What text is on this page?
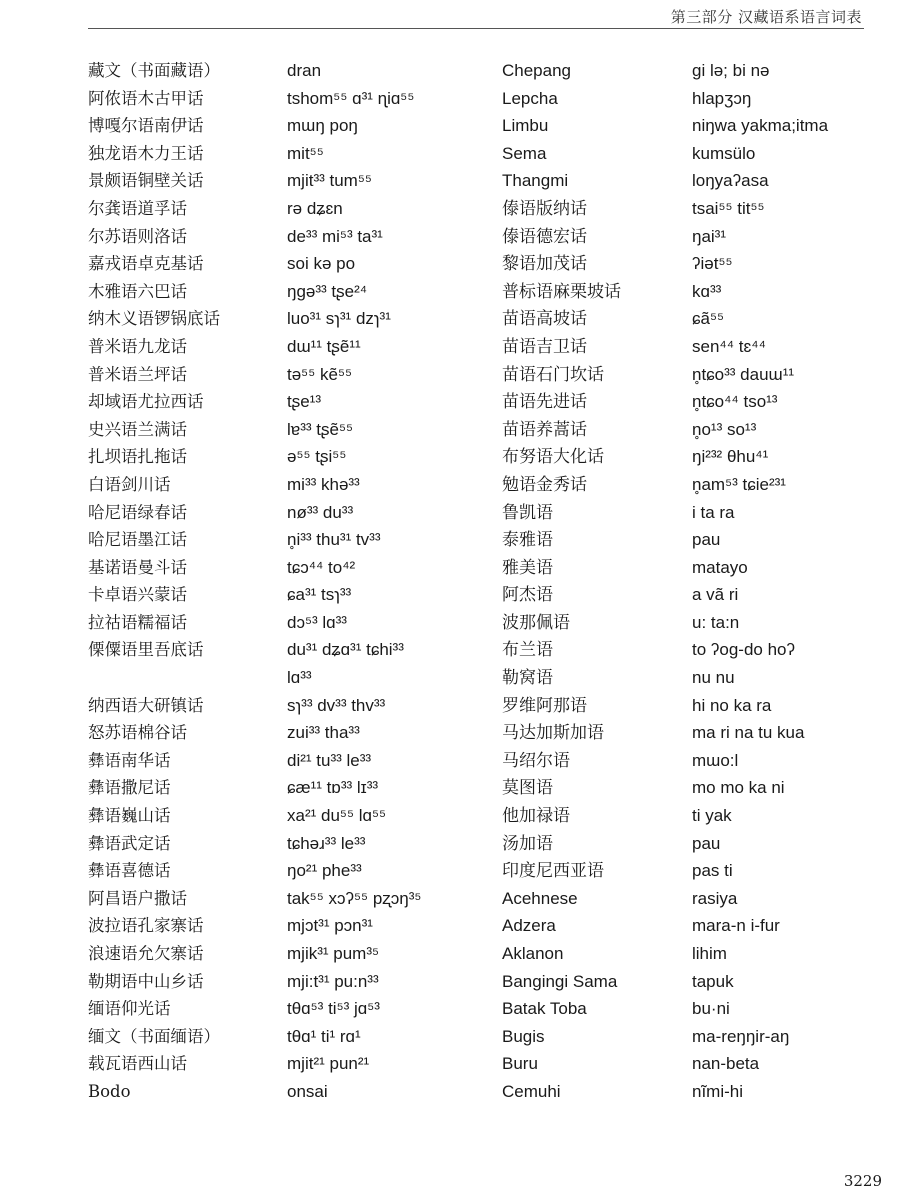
第三部分 汉藏语系语言词表
藏文（书面藏语）
阿侬语木古甲话
博嘎尔语南伊话
独龙语木力王话
景颇语铜壁关话
尔龚语道孚话
尔苏语则洛话
嘉戎语卓克基话
木雅语六巴话
纳木义语锣锅底话
普米语九龙话
普米语兰坪话
却域语尤拉西话
史兴语兰满话
扎坝语扎拖话
白语剑川话
哈尼语绿春话
哈尼语墨江话
基诺语曼斗话
卡卓语兴蒙话
拉祜语糯福话
傈僳语里吾底话
纳西语大研镇话
怒苏语棉谷话
彝语南华话
彝语撒尼话
彝语巍山话
彝语武定话
彝语喜德话
阿昌语户撒话
波拉语孔家寨话
浪速语允欠寨话
勒期语中山乡话
缅语仰光话
缅文（书面缅语）
载瓦语西山话
Bodo
dran
tshom⁵⁵ ɑ³¹ ɳiɑ⁵⁵
mɯŋ poŋ
mit⁵⁵
mjit³³ tum⁵⁵
rə dʑɛn
de³³ mi⁵³ ta³¹
soi kə po
ŋgə³³ tʂe²⁴
luo³¹ sɿ³¹ dzɿ³¹
dɯ¹¹ tʂẽ¹¹
tə⁵⁵ kẽ⁵⁵
tʂe¹³
lɐ³³ tʂẽ⁵⁵
ə⁵⁵ tʂi⁵⁵
mi³³ khə³³
nø³³ du³³
n̥i³³ thu³¹ tv³³
tɕɔ⁴⁴ to⁴²
ɕa³¹ tsɿ³³
dɔ⁵³ lɑ³³
du³¹ dʑɑ³¹ tɕhi³³
lɑ³³
sɿ³³ dv³³ thv³³
zui³³ tha³³
di²¹ tu³³ le³³
ɕæ¹¹ tɒ³³ lɪ³³
xa²¹ du⁵⁵ lɑ⁵⁵
tɕhəɹ³³ le³³
ŋo²¹ phe³³
tak⁵⁵ xɔʔ⁵⁵ pʐɔŋ³⁵
mjɔt³¹ pɔn³¹
mjik³¹ pum³⁵
mji:t³¹ pu:n³³
tθɑ⁵³ ti⁵³ jɑ⁵³
tθɑ¹ ti¹ rɑ¹
mjit²¹ pun²¹
onsai
Chepang
Lepcha
Limbu
Sema
Thangmi
傣语版纳话
傣语德宏话
黎语加茂话
普标语麻栗坡话
苗语高坡话
苗语吉卫话
苗语石门坎话
苗语先进话
苗语养蒿话
布努语大化话
勉语金秀话
鲁凯语
泰雅语
雅美语
阿杰语
波那佩语
布兰语
勒窝语
罗维阿那语
马达加斯加语
马绍尔语
莫图语
他加禄语
汤加语
印度尼西亚语
Acehnese
Adzera
Aklanon
Bangingi Sama
Batak Toba
Bugis
Buru
Cemuhi
gi lə; bi nə
hlapʒɔŋ
niŋwa yakma;itma
kumsülo
loŋyaʔasa
tsai⁵⁵ tit⁵⁵
ŋai³¹
ʔiət⁵⁵
kɑ³³
ɕã⁵⁵
sen⁴⁴ tɛ⁴⁴
n̥tɕo³³ dauɯ¹¹
n̥tɕo⁴⁴ tso¹³
n̥o¹³ so¹³
ŋi²³² θhu⁴¹
n̥am⁵³ tɕie²³¹
i ta ra
pau
matayo
a vã ri
u: ta:n
to ʔog-do hoʔ
nu nu
hi no ka ra
ma ri na tu kua
mɯo:l
mo mo ka ni
ti yak
pau
pas ti
rasiya
mara-n i-fur
lihim
tapuk
bu·ni
ma-reŋŋir-aŋ
nan-beta
nĩmi-hi
3229
